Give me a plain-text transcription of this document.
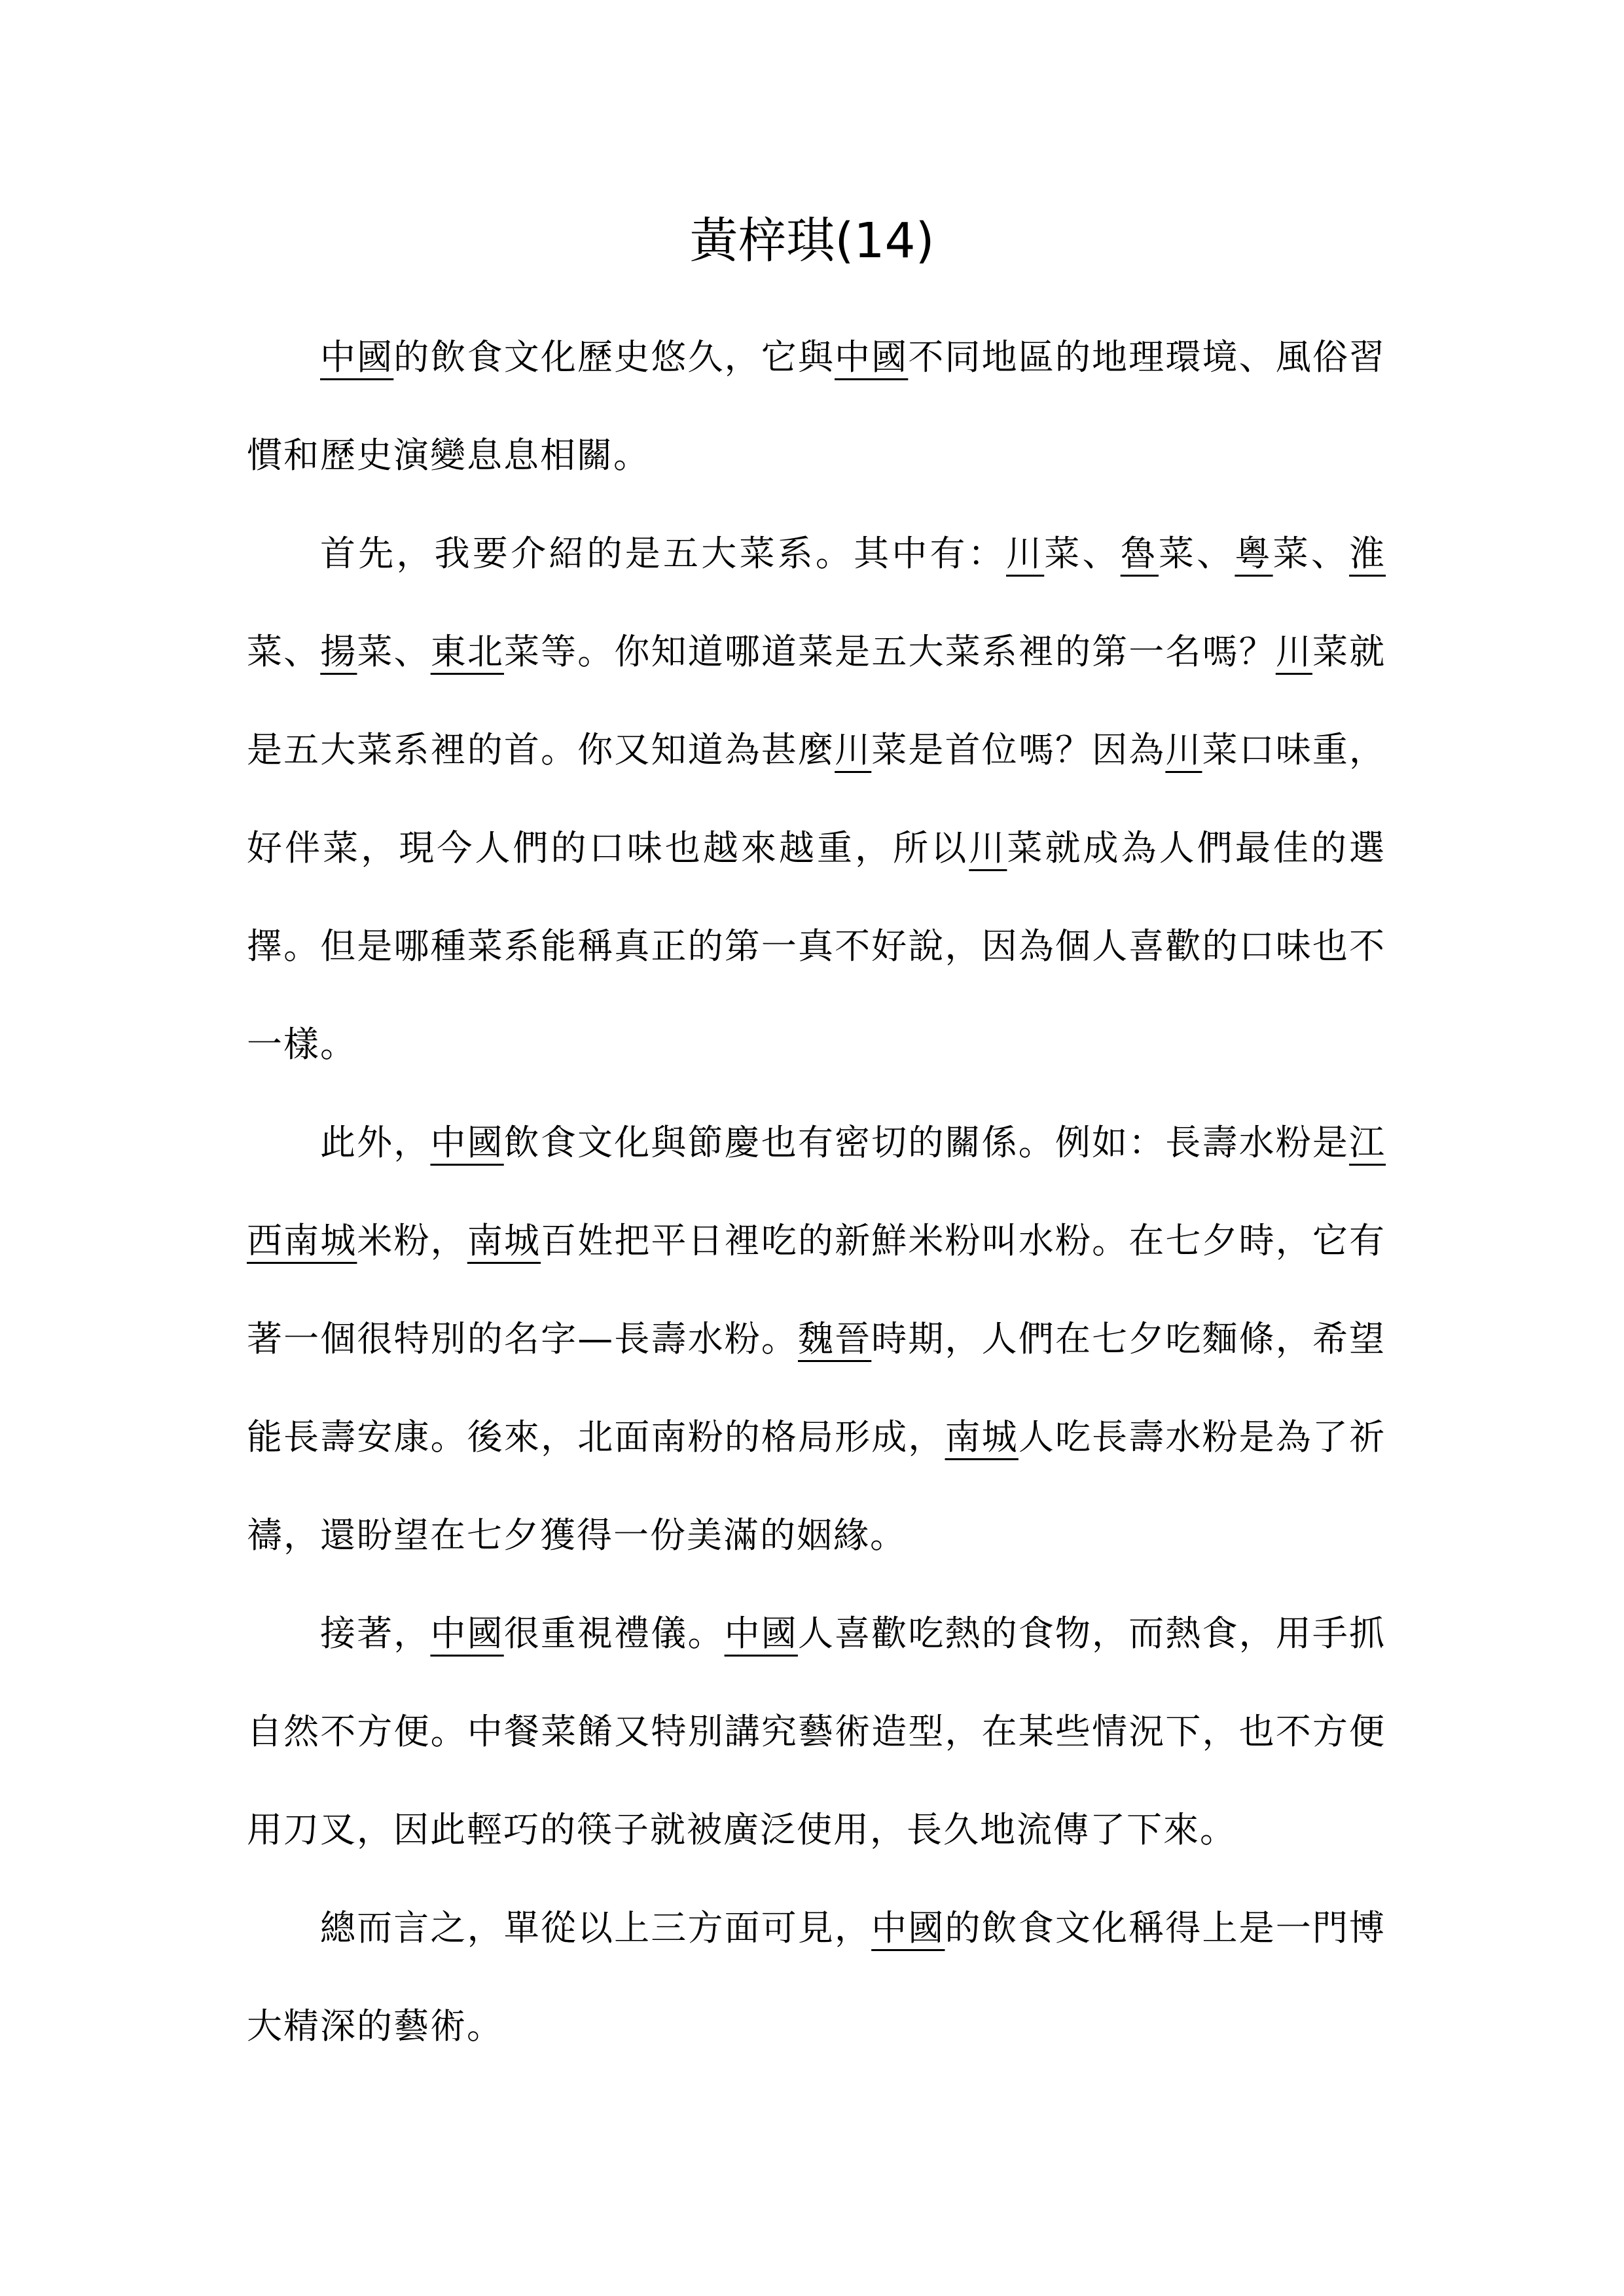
黃梓琪(14)

中國的飲食文化歷史悠久，它與中國不同地區的地理環境、風俗習慣和歷史演變息息相關。

首先，我要介紹的是五大菜系。其中有：川菜、魯菜、粵菜、淮菜、揚菜、東北菜等。你知道哪道菜是五大菜系裡的第一名嗎？川菜就是五大菜系裡的首。你又知道為甚麼川菜是首位嗎？因為川菜口味重，好伴菜，現今人們的口味也越來越重，所以川菜就成為人們最佳的選擇。但是哪種菜系能稱真正的第一真不好說，因為個人喜歡的口味也不一樣。

此外，中國飲食文化與節慶也有密切的關係。例如：長壽水粉是江西南城米粉，南城百姓把平日裡吃的新鮮米粉叫水粉。在七夕時，它有著一個很特別的名字—長壽水粉。魏晉時期，人們在七夕吃麵條，希望能長壽安康。後來，北面南粉的格局形成，南城人吃長壽水粉是為了祈禱，還盼望在七夕獲得一份美滿的姻緣。

接著，中國很重視禮儀。中國人喜歡吃熱的食物，而熱食，用手抓自然不方便。中餐菜餚又特別講究藝術造型，在某些情況下，也不方便用刀叉，因此輕巧的筷子就被廣泛使用，長久地流傳了下來。

總而言之，單從以上三方面可見，中國的飲食文化稱得上是一門博大精深的藝術。
